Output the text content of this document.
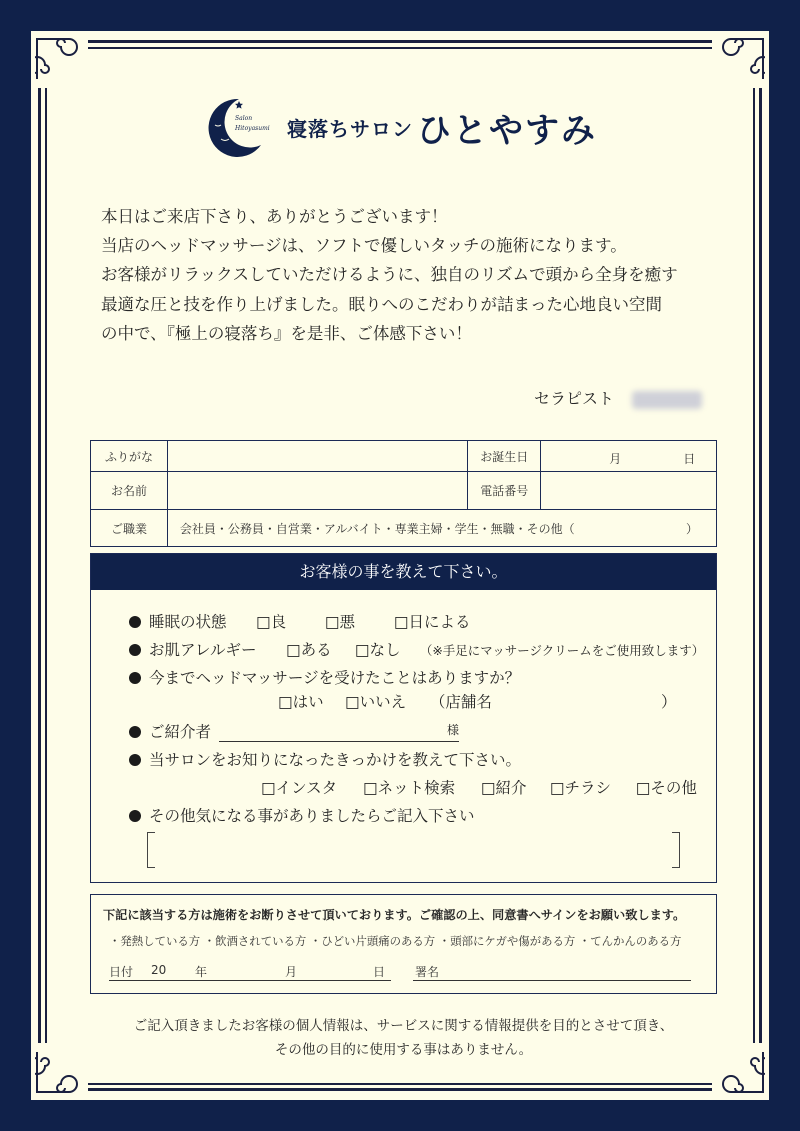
Salon
Hitoyasumi 寝落ちサロン ひとやすみ
本日はご来店下さり、ありがとうございます！
当店のヘッドマッサージは、ソフトで優しいタッチの施術になります。
お客様がリラックスしていただけるように、独自のリズムで頭から全身を癒す
最適な圧と技を作り上げました。眠りへのこだわりが詰まった心地良い空間
の中で、『極上の寝落ち』を是非、ご体感下さい！
セラピスト
ふりがな		お誕生日	月 日

お名前		電話番号	
ご職業	会社員・公務員・自営業・アルバイト・専業主婦・学生・無職・その他（ ）		
お客様の事を教えて下さい。
睡眠の状態 □良	□悪	□日による
お肌アレルギー □ある □なし （※手足にマッサージクリームをご使用致します）
今までヘッドマッサージを受けたことはありますか？
□はい □いいえ （店舗名	）
ご紹介者	様
当サロンをお知りになったきっかけを教えて下さい。
□インスタ □ネット検索 □紹介 □チラシ □その他
その他気になる事がありましたらご記入下さい
下記に該当する方は施術をお断りさせて頂いております。ご確認の上、同意書へサインをお願い致します。
・発熱している方 ・飲酒されている方 ・ひどい片頭痛のある方 ・頭部にケガや傷がある方 ・てんかんのある方
日付 20 年	月	日 署名
ご記入頂きましたお客様の個人情報は、サービスに関する情報提供を目的とさせて頂き、
その他の目的に使用する事はありません。
